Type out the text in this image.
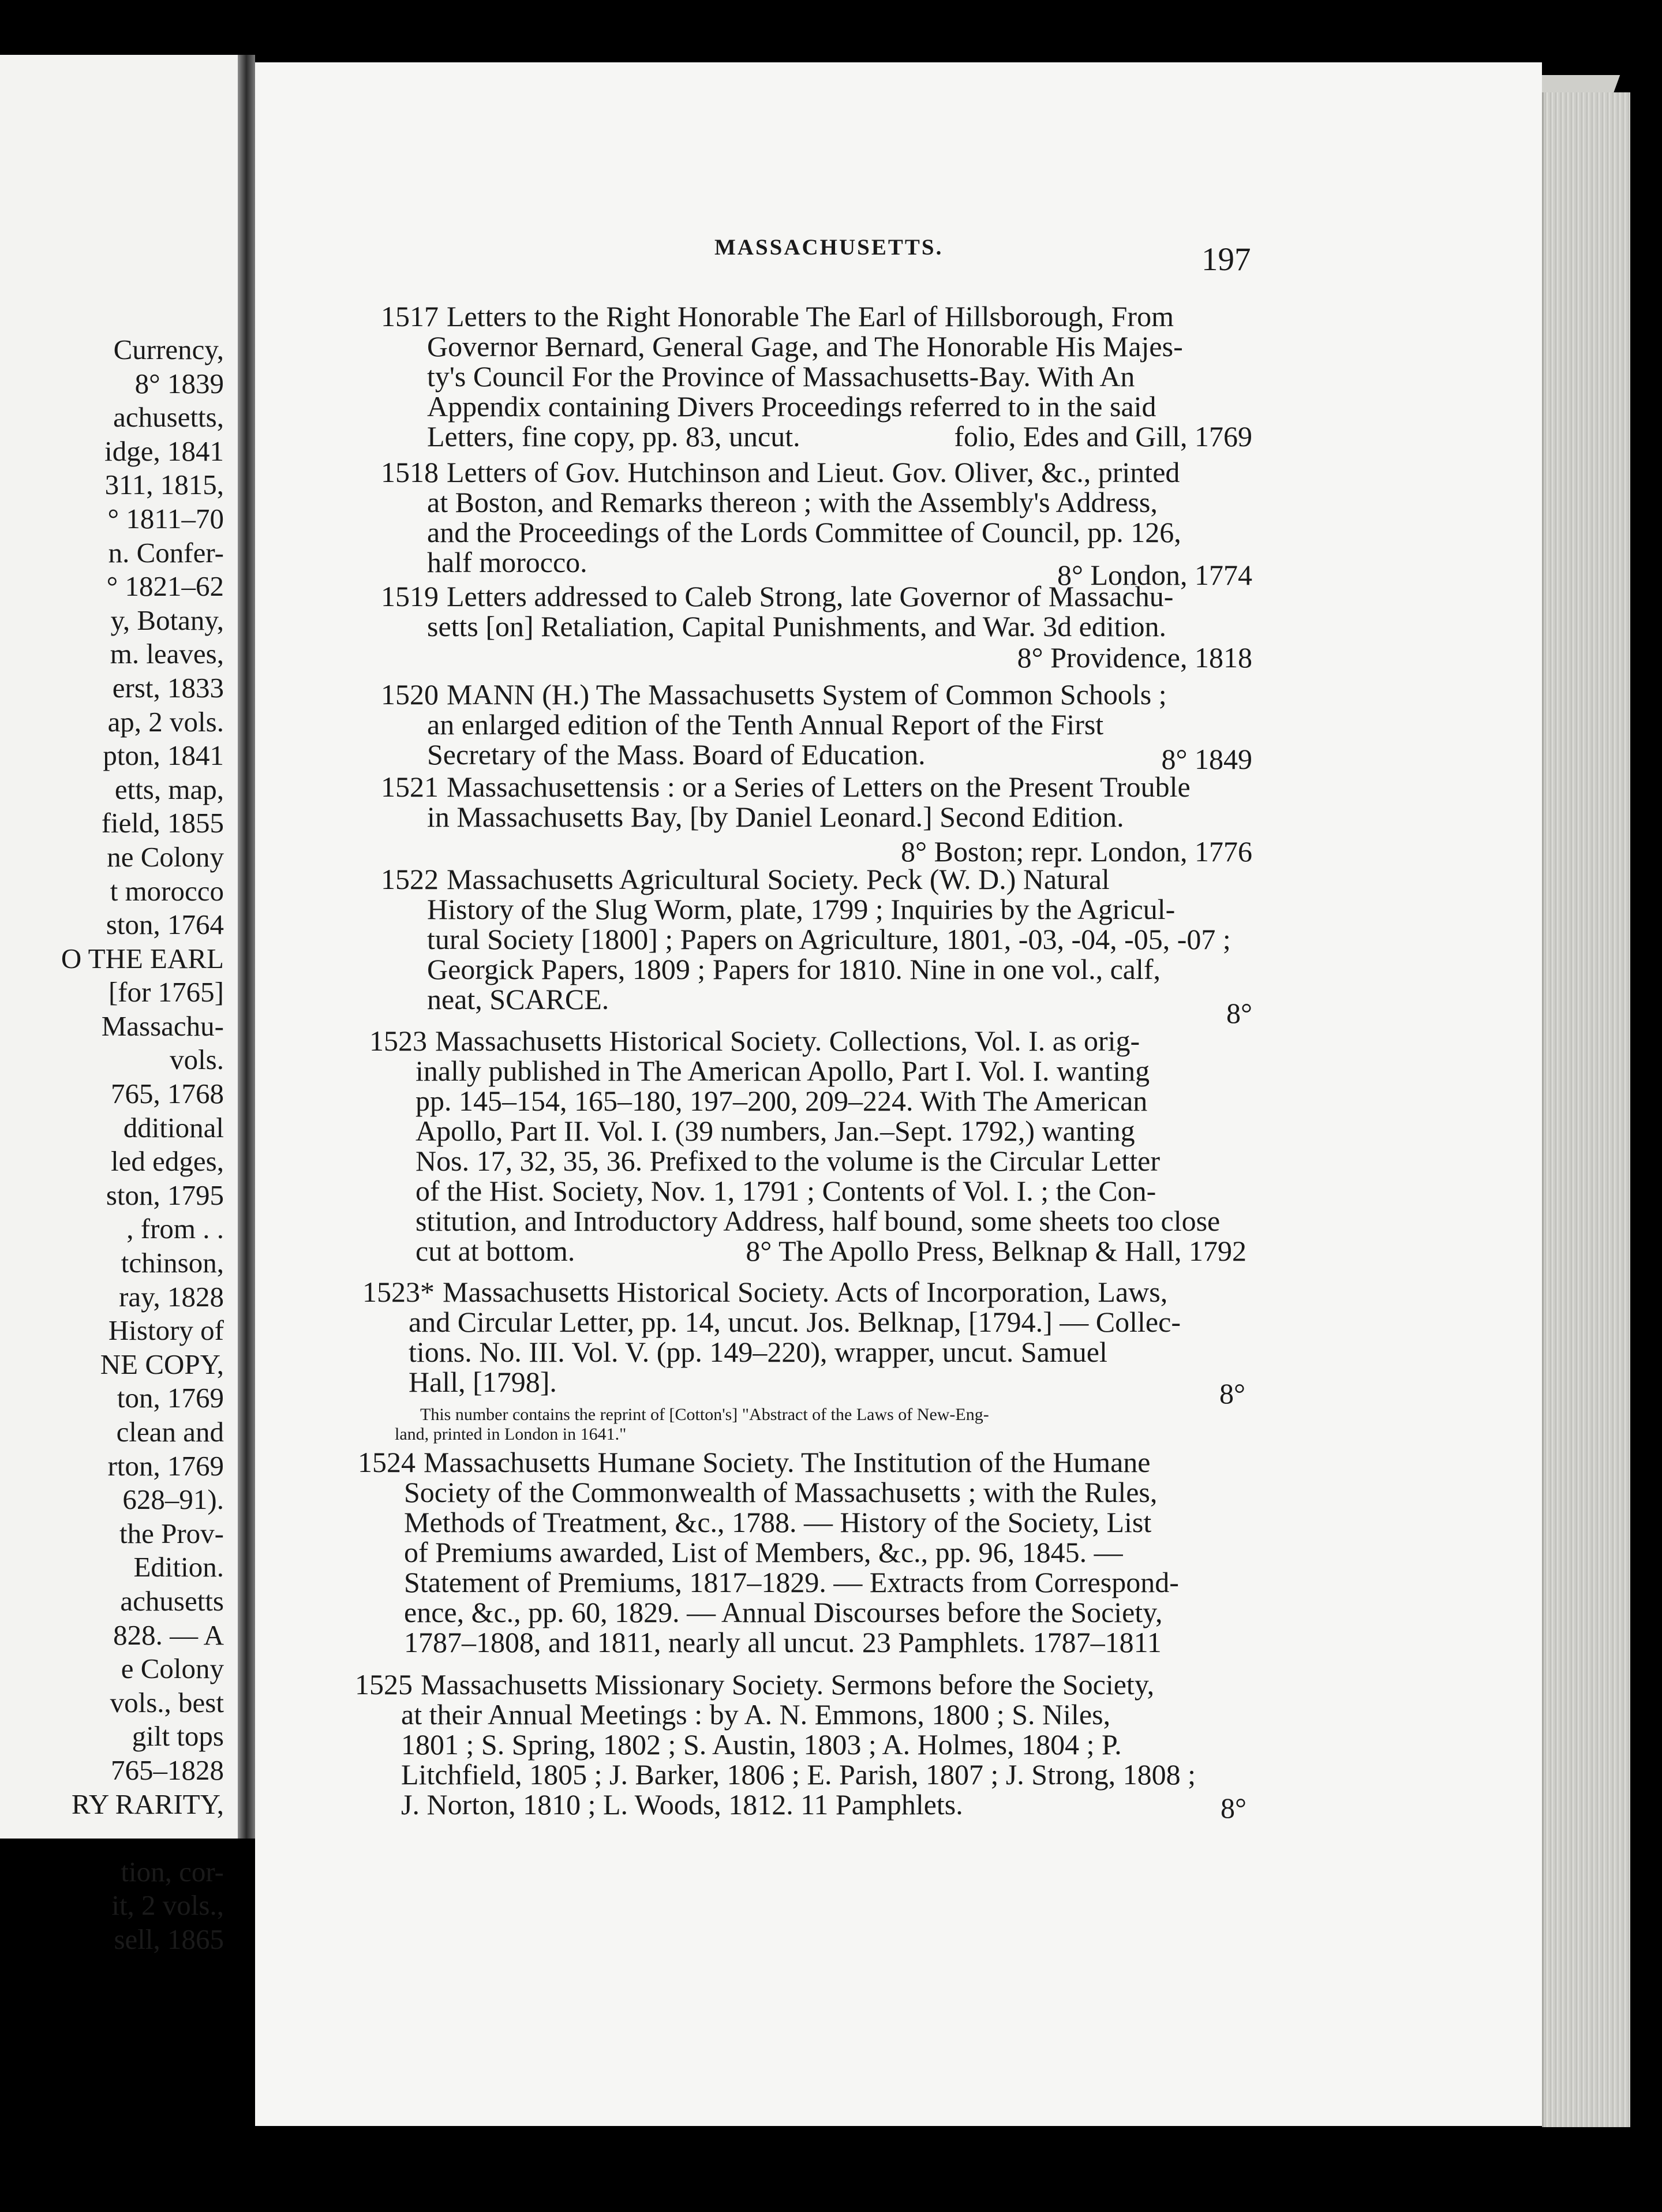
Currency,
8° 1839
achusetts,
idge, 1841
311, 1815,
° 1811–70
n. Confer-
° 1821–62
y, Botany,
m. leaves,
erst, 1833
ap, 2 vols.
pton, 1841
etts, map,
field, 1855
ne Colony
t morocco
ston, 1764
O THE EARL
[for 1765]
Massachu-
vols.
765, 1768
dditional
led edges,
ston, 1795
, from . .
tchinson,
ray, 1828
History of
NE COPY,
ton, 1769
clean and
rton, 1769
628–91).
the Prov-
Edition.
achusetts
828. — A
e Colony
vols., best
gilt tops
765–1828
RY RARITY,
tion, cor-
it, 2 vols.,
sell, 1865
MASSACHUSETTS.	197
1517 Letters to the Right Honorable The Earl of Hillsborough, From
Governor Bernard, General Gage, and The Honorable His Majes-
ty's Council For the Province of Massachusetts-Bay. With An
Appendix containing Divers Proceedings referred to in the said
Letters, fine copy, pp. 83, uncut.	folio, Edes and Gill, 1769
1518 Letters of Gov. Hutchinson and Lieut. Gov. Oliver, &c., printed
at Boston, and Remarks thereon ; with the Assembly's Address,
and the Proceedings of the Lords Committee of Council, pp. 126,
half morocco.	8° London, 1774
1519 Letters addressed to Caleb Strong, late Governor of Massachu-
setts [on] Retaliation, Capital Punishments, and War. 3d edition.
8° Providence, 1818
1520 MANN (H.) The Massachusetts System of Common Schools ;
an enlarged edition of the Tenth Annual Report of the First
Secretary of the Mass. Board of Education.	8° 1849
1521 Massachusettensis : or a Series of Letters on the Present Trouble
in Massachusetts Bay, [by Daniel Leonard.] Second Edition.
8° Boston; repr. London, 1776
1522 Massachusetts Agricultural Society. Peck (W. D.) Natural
History of the Slug Worm, plate, 1799 ; Inquiries by the Agricul-
tural Society [1800] ; Papers on Agriculture, 1801, -03, -04, -05, -07 ;
Georgick Papers, 1809 ; Papers for 1810. Nine in one vol., calf,
neat, SCARCE.	8°
1523 Massachusetts Historical Society. Collections, Vol. I. as orig-
inally published in The American Apollo, Part I. Vol. I. wanting
pp. 145–154, 165–180, 197–200, 209–224. With The American
Apollo, Part II. Vol. I. (39 numbers, Jan.–Sept. 1792,) wanting
Nos. 17, 32, 35, 36. Prefixed to the volume is the Circular Letter
of the Hist. Society, Nov. 1, 1791 ; Contents of Vol. I. ; the Con-
stitution, and Introductory Address, half bound, some sheets too close
cut at bottom.	8° The Apollo Press, Belknap & Hall, 1792
1523* Massachusetts Historical Society. Acts of Incorporation, Laws,
and Circular Letter, pp. 14, uncut. Jos. Belknap, [1794.] — Collec-
tions. No. III. Vol. V. (pp. 149–220), wrapper, uncut. Samuel
Hall, [1798].	8°
This number contains the reprint of [Cotton's] "Abstract of the Laws of New-Eng-
land, printed in London in 1641."
1524 Massachusetts Humane Society. The Institution of the Humane
Society of the Commonwealth of Massachusetts ; with the Rules,
Methods of Treatment, &c., 1788. — History of the Society, List
of Premiums awarded, List of Members, &c., pp. 96, 1845. —
Statement of Premiums, 1817–1829. — Extracts from Correspond-
ence, &c., pp. 60, 1829. — Annual Discourses before the Society,
1787–1808, and 1811, nearly all uncut. 23 Pamphlets. 1787–1811
1525 Massachusetts Missionary Society. Sermons before the Society,
at their Annual Meetings : by A. N. Emmons, 1800 ; S. Niles,
1801 ; S. Spring, 1802 ; S. Austin, 1803 ; A. Holmes, 1804 ; P.
Litchfield, 1805 ; J. Barker, 1806 ; E. Parish, 1807 ; J. Strong, 1808 ;
J. Norton, 1810 ; L. Woods, 1812. 11 Pamphlets.	8°
